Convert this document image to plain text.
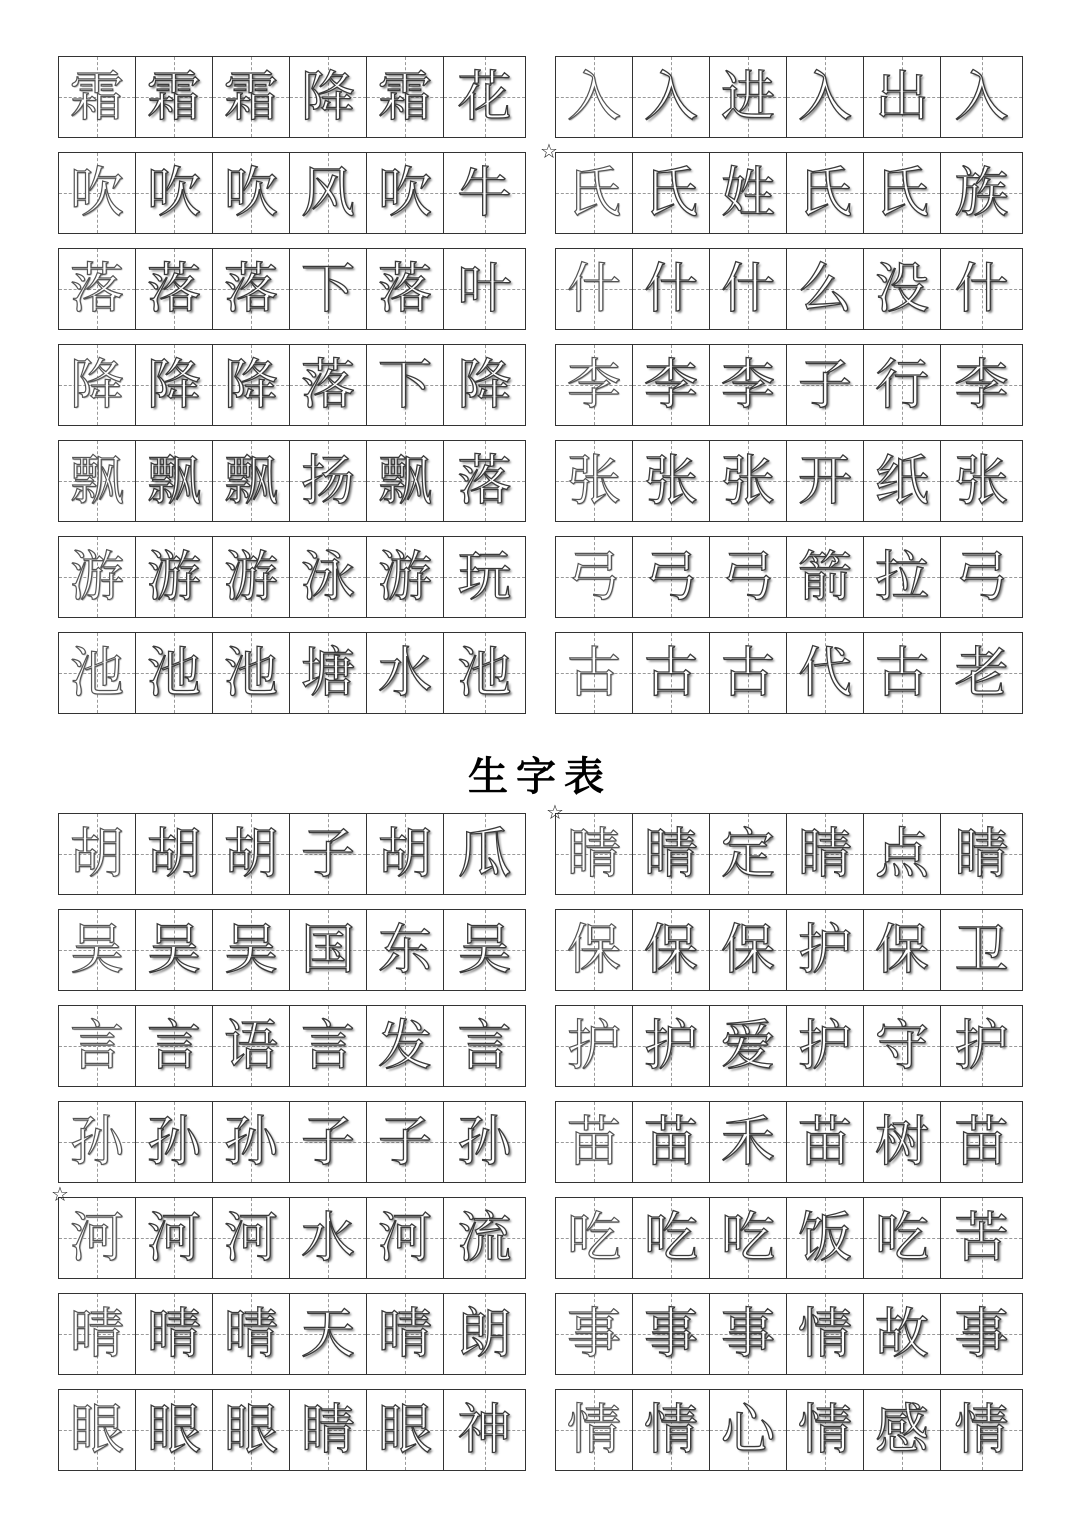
霜 霜 霜 降 霜 花 入 入 进 入 出 入
吹 吹 吹 风 吹 牛 氏 氏 姓 氏 氏 族
落 落 落 下 落 叶 什 什 什 么 没 什
降 降 降 落 下 降 李 李 李 子 行 李
飘 飘 飘 扬 飘 落 张 张 张 开 纸 张
游 游 游 泳 游 玩 弓 弓 弓 箭 拉 弓
池 池 池 塘 水 池 古 古 古 代 古 老
生字表
胡 胡 胡 子 胡 瓜 睛 睛 定 睛 点 睛
吴 吴 吴 国 东 吴 保 保 保 护 保 卫
言 言 语 言 发 言 护 护 爱 护 守 护
孙 孙 孙 子 子 孙 苗 苗 禾 苗 树 苗
河 河 河 水 河 流 吃 吃 吃 饭 吃 苦
晴 晴 晴 天 晴 朗 事 事 事 情 故 事
眼 眼 眼 睛 眼 神 情 情 心 情 感 情
☆
☆
☆
